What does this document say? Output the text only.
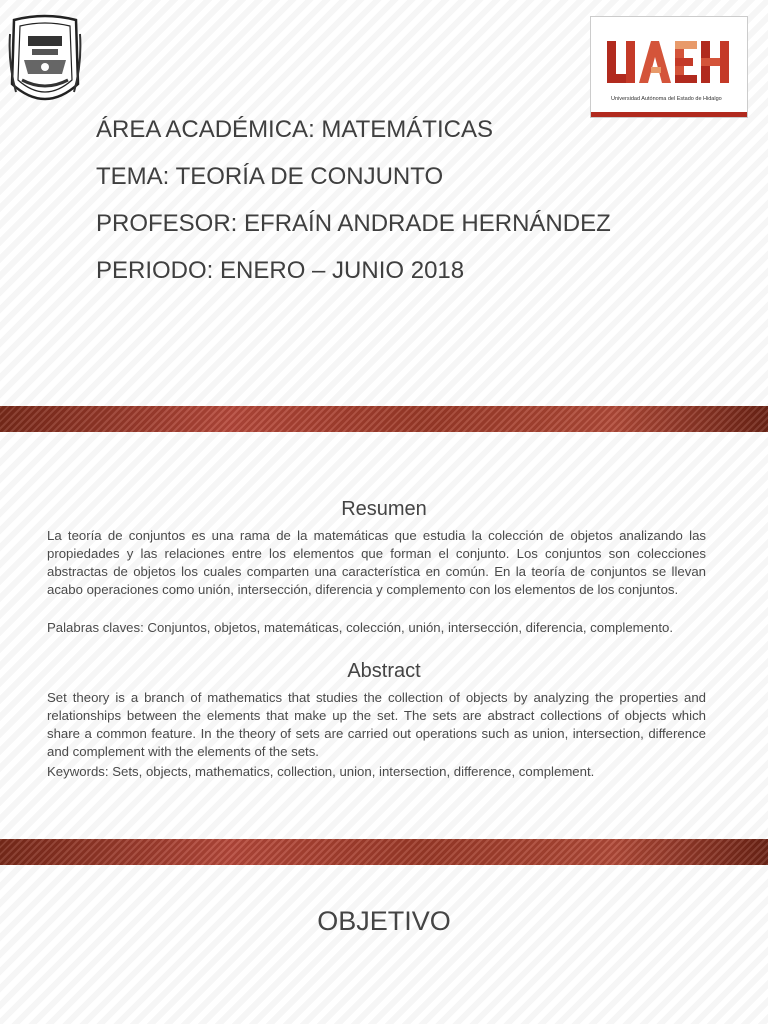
Universidad Autónoma del Estado de Hidalgo
ÁREA ACADÉMICA: MATEMÁTICAS
TEMA: TEORÍA DE CONJUNTO
PROFESOR: EFRAÍN ANDRADE HERNÁNDEZ
PERIODO: ENERO – JUNIO 2018
Resumen

La teoría de conjuntos es una rama de la matemáticas que estudia la colección de objetos analizando las propiedades y las relaciones entre los elementos que forman el conjunto. Los conjuntos son colecciones abstractas de objetos los cuales comparten una característica en común. En la teoría de conjuntos se llevan acabo operaciones como unión, intersección, diferencia y complemento con los elementos de los conjuntos.

Palabras claves: Conjuntos, objetos, matemáticas, colección, unión, intersección, diferencia, complemento.

Abstract

Set theory is a branch of mathematics that studies the collection of objects by analyzing the properties and relationships between the elements that make up the set. The sets are abstract collections of objects which share a common feature. In the theory of sets are carried out operations such as union, intersection, difference and complement with the elements of the sets.

Keywords: Sets, objects, mathematics, collection, union, intersection, difference, complement.

OBJETIVO
